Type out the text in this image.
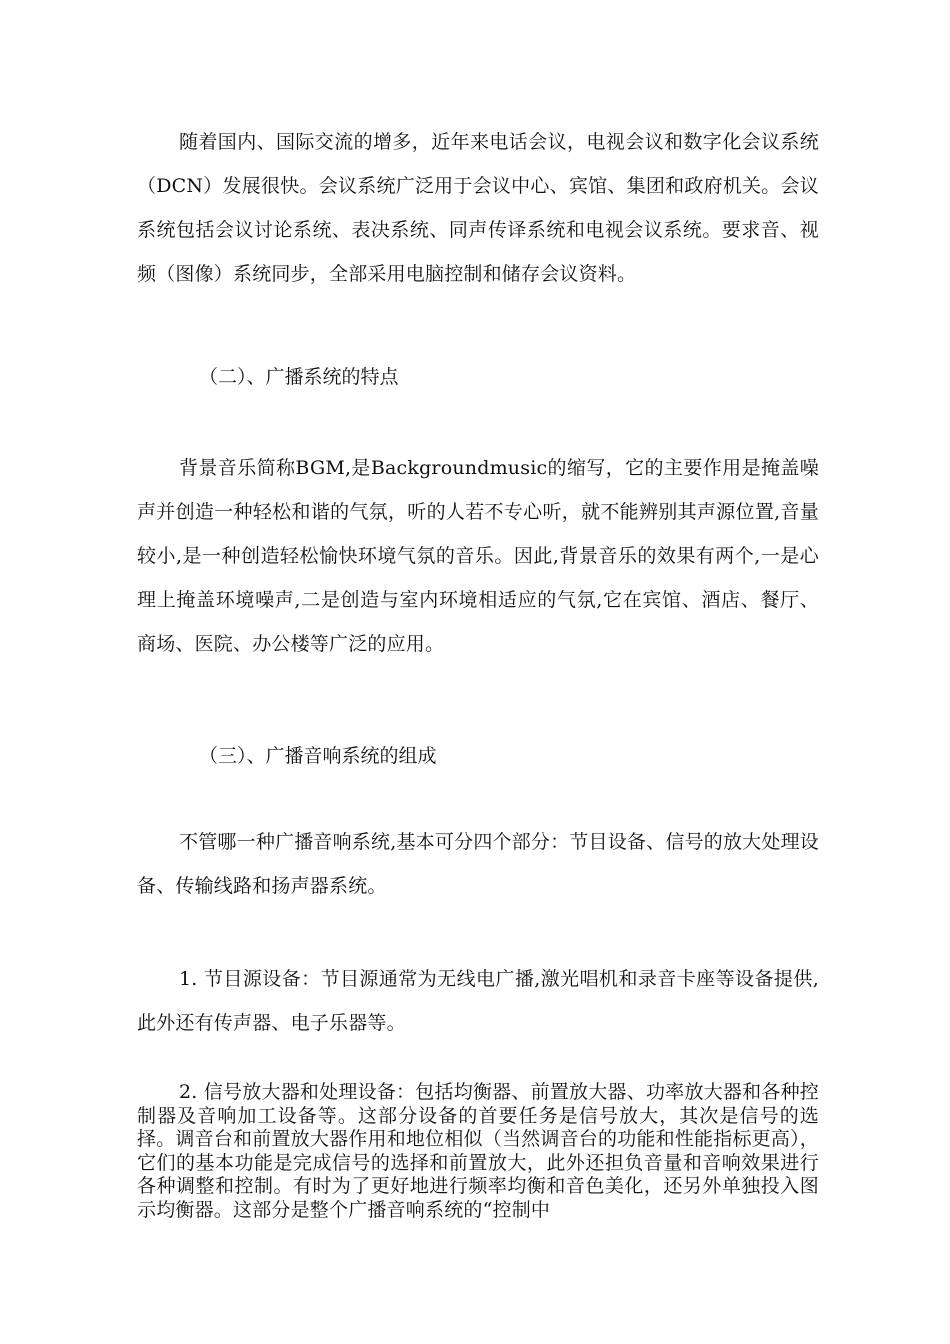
随着国内、国际交流的增多，近年来电话会议，电视会议和数字化会议系统（DCN）发展很快。会议系统广泛用于会议中心、宾馆、集团和政府机关。会议系统包括会议讨论系统、表决系统、同声传译系统和电视会议系统。要求音、视频（图像）系统同步，全部采用电脑控制和储存会议资料。

（二）、广播系统的特点

背景音乐简称BGM,是Backgroundmusic的缩写，它的主要作用是掩盖噪声并创造一种轻松和谐的气氛，听的人若不专心听，就不能辨别其声源位置,音量较小,是一种创造轻松愉快环境气氛的音乐。因此,背景音乐的效果有两个,一是心理上掩盖环境噪声,二是创造与室内环境相适应的气氛,它在宾馆、酒店、餐厅、商场、医院、办公楼等广泛的应用。

（三）、广播音响系统的组成

不管哪一种广播音响系统,基本可分四个部分：节目设备、信号的放大处理设备、传输线路和扬声器系统。

1. 节目源设备：节目源通常为无线电广播,激光唱机和录音卡座等设备提供,此外还有传声器、电子乐器等。

2. 信号放大器和处理设备：包括均衡器、前置放大器、功率放大器和各种控制器及音响加工设备等。这部分设备的首要任务是信号放大，其次是信号的选择。调音台和前置放大器作用和地位相似（当然调音台的功能和性能指标更高），它们的基本功能是完成信号的选择和前置放大，此外还担负音量和音响效果进行各种调整和控制。有时为了更好地进行频率均衡和音色美化，还另外单独投入图示均衡器。这部分是整个广播音响系统的“控制中
